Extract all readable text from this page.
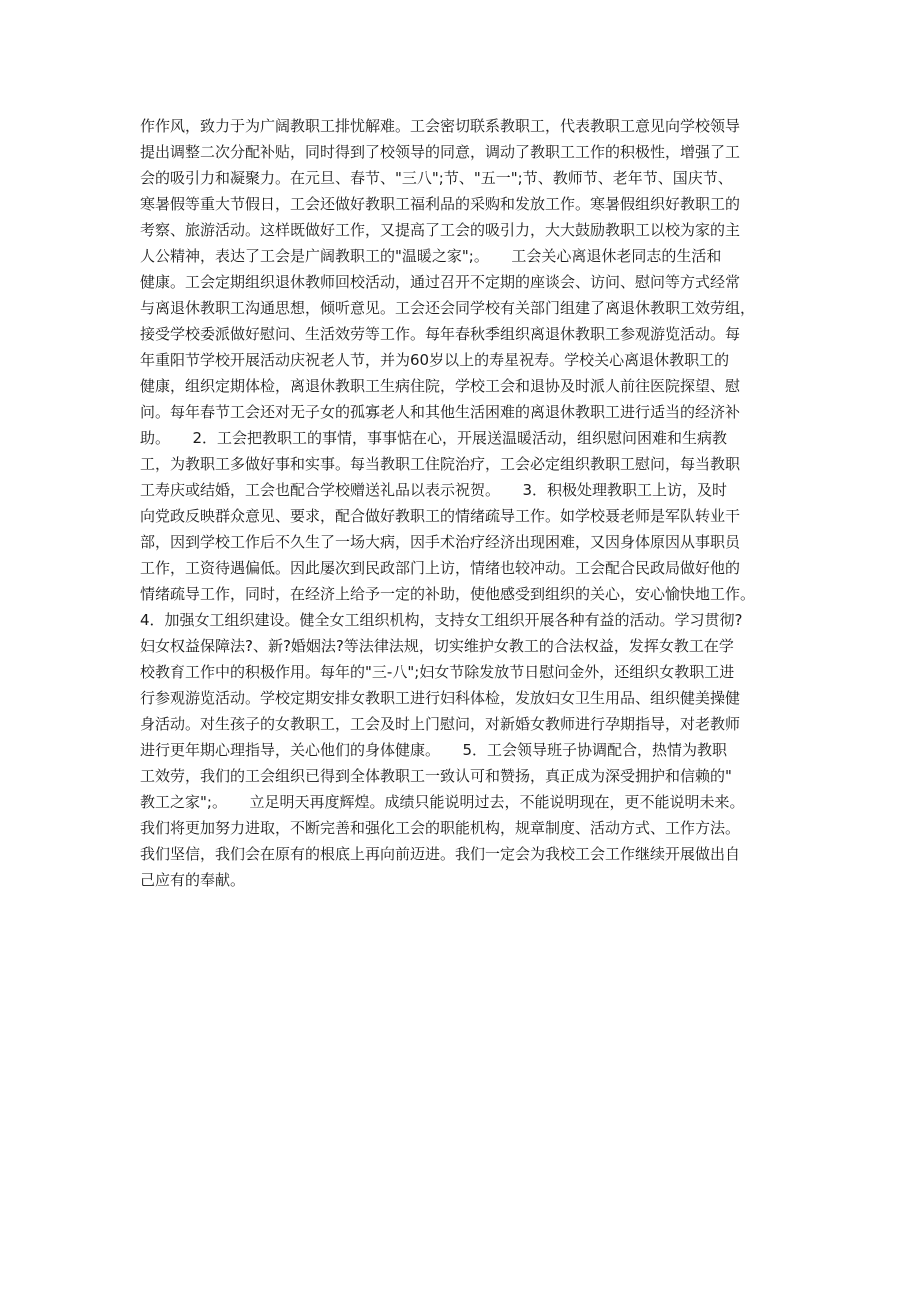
作作风，致力于为广阔教职工排忧解难。工会密切联系教职工，代表教职工意见向学校领导
提出调整二次分配补贴，同时得到了校领导的同意，调动了教职工工作的积极性，增强了工
会的吸引力和凝聚力。在元旦、春节、"三八";节、"五一";节、教师节、老年节、国庆节、
寒暑假等重大节假日，工会还做好教职工福利品的采购和发放工作。寒暑假组织好教职工的
考察、旅游活动。这样既做好工作，又提高了工会的吸引力，大大鼓励教职工以校为家的主
人公精神，表达了工会是广阔教职工的"温暖之家";。　　工会关心离退休老同志的生活和
健康。工会定期组织退休教师回校活动，通过召开不定期的座谈会、访问、慰问等方式经常
与离退休教职工沟通思想，倾听意见。工会还会同学校有关部门组建了离退休教职工效劳组，
接受学校委派做好慰问、生活效劳等工作。每年春秋季组织离退休教职工参观游览活动。每
年重阳节学校开展活动庆祝老人节，并为60岁以上的寿星祝寿。学校关心离退休教职工的
健康，组织定期体检，离退休教职工生病住院，学校工会和退协及时派人前往医院探望、慰
问。每年春节工会还对无子女的孤寡老人和其他生活困难的离退休教职工进行适当的经济补
助。　　2．工会把教职工的事情，事事惦在心，开展送温暖活动，组织慰问困难和生病教
工，为教职工多做好事和实事。每当教职工住院治疗，工会必定组织教职工慰问，每当教职
工寿庆或结婚，工会也配合学校赠送礼品以表示祝贺。　　3．积极处理教职工上访，及时
向党政反映群众意见、要求，配合做好教职工的情绪疏导工作。如学校聂老师是军队转业干
部，因到学校工作后不久生了一场大病，因手术治疗经济出现困难，又因身体原因从事职员
工作，工资待遇偏低。因此屡次到民政部门上访，情绪也较冲动。工会配合民政局做好他的
情绪疏导工作，同时，在经济上给予一定的补助，使他感受到组织的关心，安心愉快地工作。
4．加强女工组织建设。健全女工组织机构，支持女工组织开展各种有益的活动。学习贯彻?
妇女权益保障法?、新?婚姻法?等法律法规，切实维护女教工的合法权益，发挥女教工在学
校教育工作中的积极作用。每年的"三-八";妇女节除发放节日慰问金外，还组织女教职工进
行参观游览活动。学校定期安排女教职工进行妇科体检，发放妇女卫生用品、组织健美操健
身活动。对生孩子的女教职工，工会及时上门慰问，对新婚女教师进行孕期指导，对老教师
进行更年期心理指导，关心他们的身体健康。　　5．工会领导班子协调配合，热情为教职
工效劳，我们的工会组织已得到全体教职工一致认可和赞扬，真正成为深受拥护和信赖的"
教工之家";。　　立足明天再度辉煌。成绩只能说明过去，不能说明现在，更不能说明未来。
我们将更加努力进取，不断完善和强化工会的职能机构，规章制度、活动方式、工作方法。
我们坚信，我们会在原有的根底上再向前迈进。我们一定会为我校工会工作继续开展做出自
己应有的奉献。
